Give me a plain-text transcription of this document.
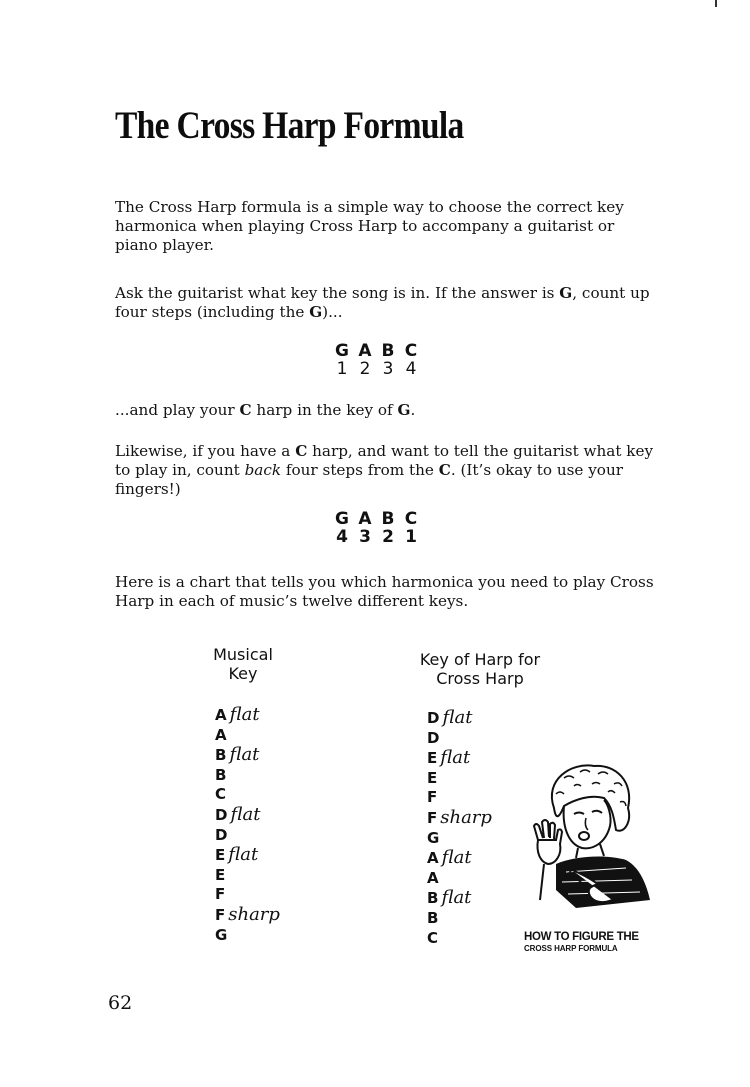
The Cross Harp Formula

The Cross Harp formula is a simple way to choose the correct key harmonica when playing Cross Harp to accompany a guitarist or piano player.

Ask the guitarist what key the song is in. If the answer is G, count up four steps (including the G)...

G A B C
1 2 3 4

...and play your C harp in the key of G.

Likewise, if you have a C harp, and want to tell the guitarist what key to play in, count back four steps from the C. (It’s okay to use your fingers!)

G A B C
4 3 2 1

Here is a chart that tells you which harmonica you need to play Cross Harp in each of music’s twelve different keys.

Musical
Key
Key of Harp for
Cross Harp
A flat
A
B flat
B
C
D flat
D
E flat
E
F
F sharp
G
D flat
D
E flat
E
F
F sharp
G
A flat
A
B flat
B
C	HOW TO FIGURE THE
CROSS HARP FORMULA
62
